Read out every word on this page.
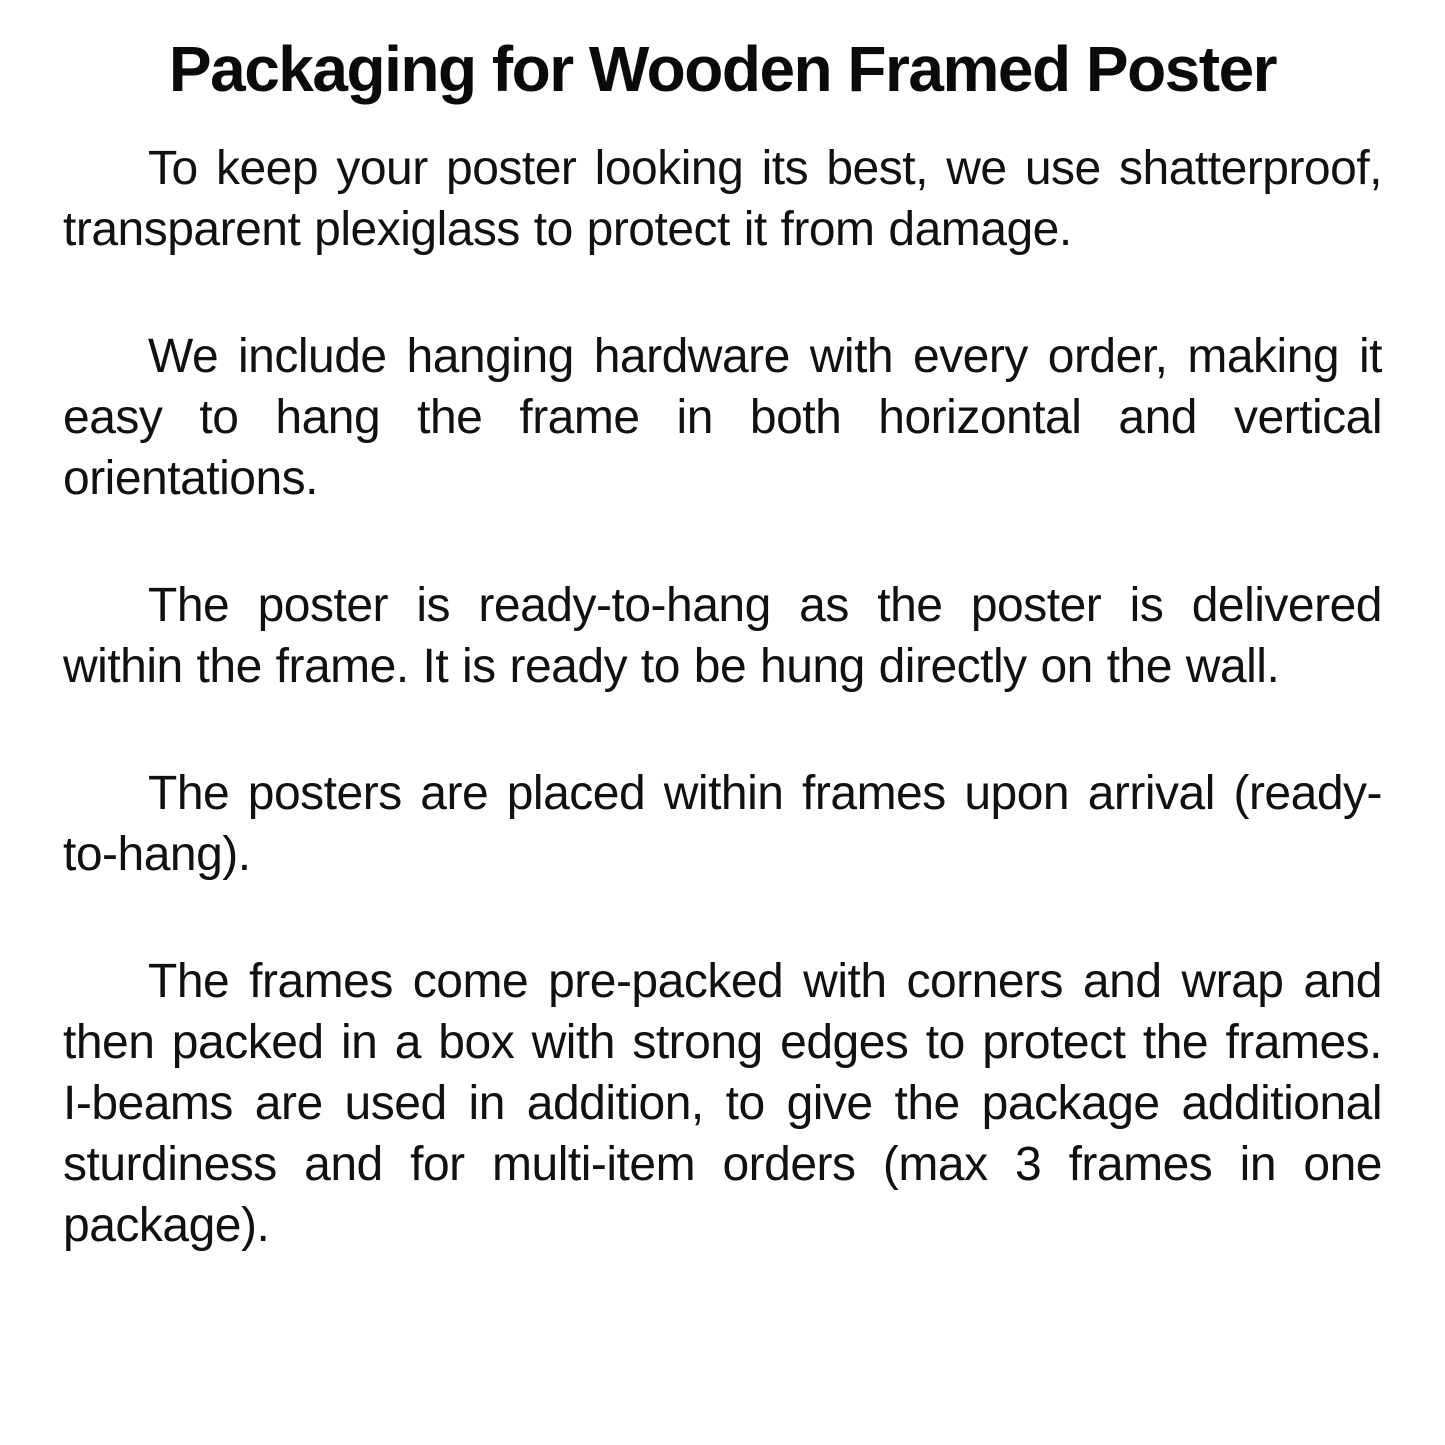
Packaging for Wooden Framed Poster

To keep your poster looking its best, we use shatterproof, transparent plexiglass to protect it from damage.

We include hanging hardware with every order, making it easy to hang the frame in both horizontal and vertical orientations.

The poster is ready-to-hang as the poster is delivered within the frame. It is ready to be hung directly on the wall.

The posters are placed within frames upon arrival (ready-to-hang).

The frames come pre-packed with corners and wrap and then packed in a box with strong edges to protect the frames. I-beams are used in addition, to give the package additional sturdiness and for multi-item orders (max 3 frames in one package).
